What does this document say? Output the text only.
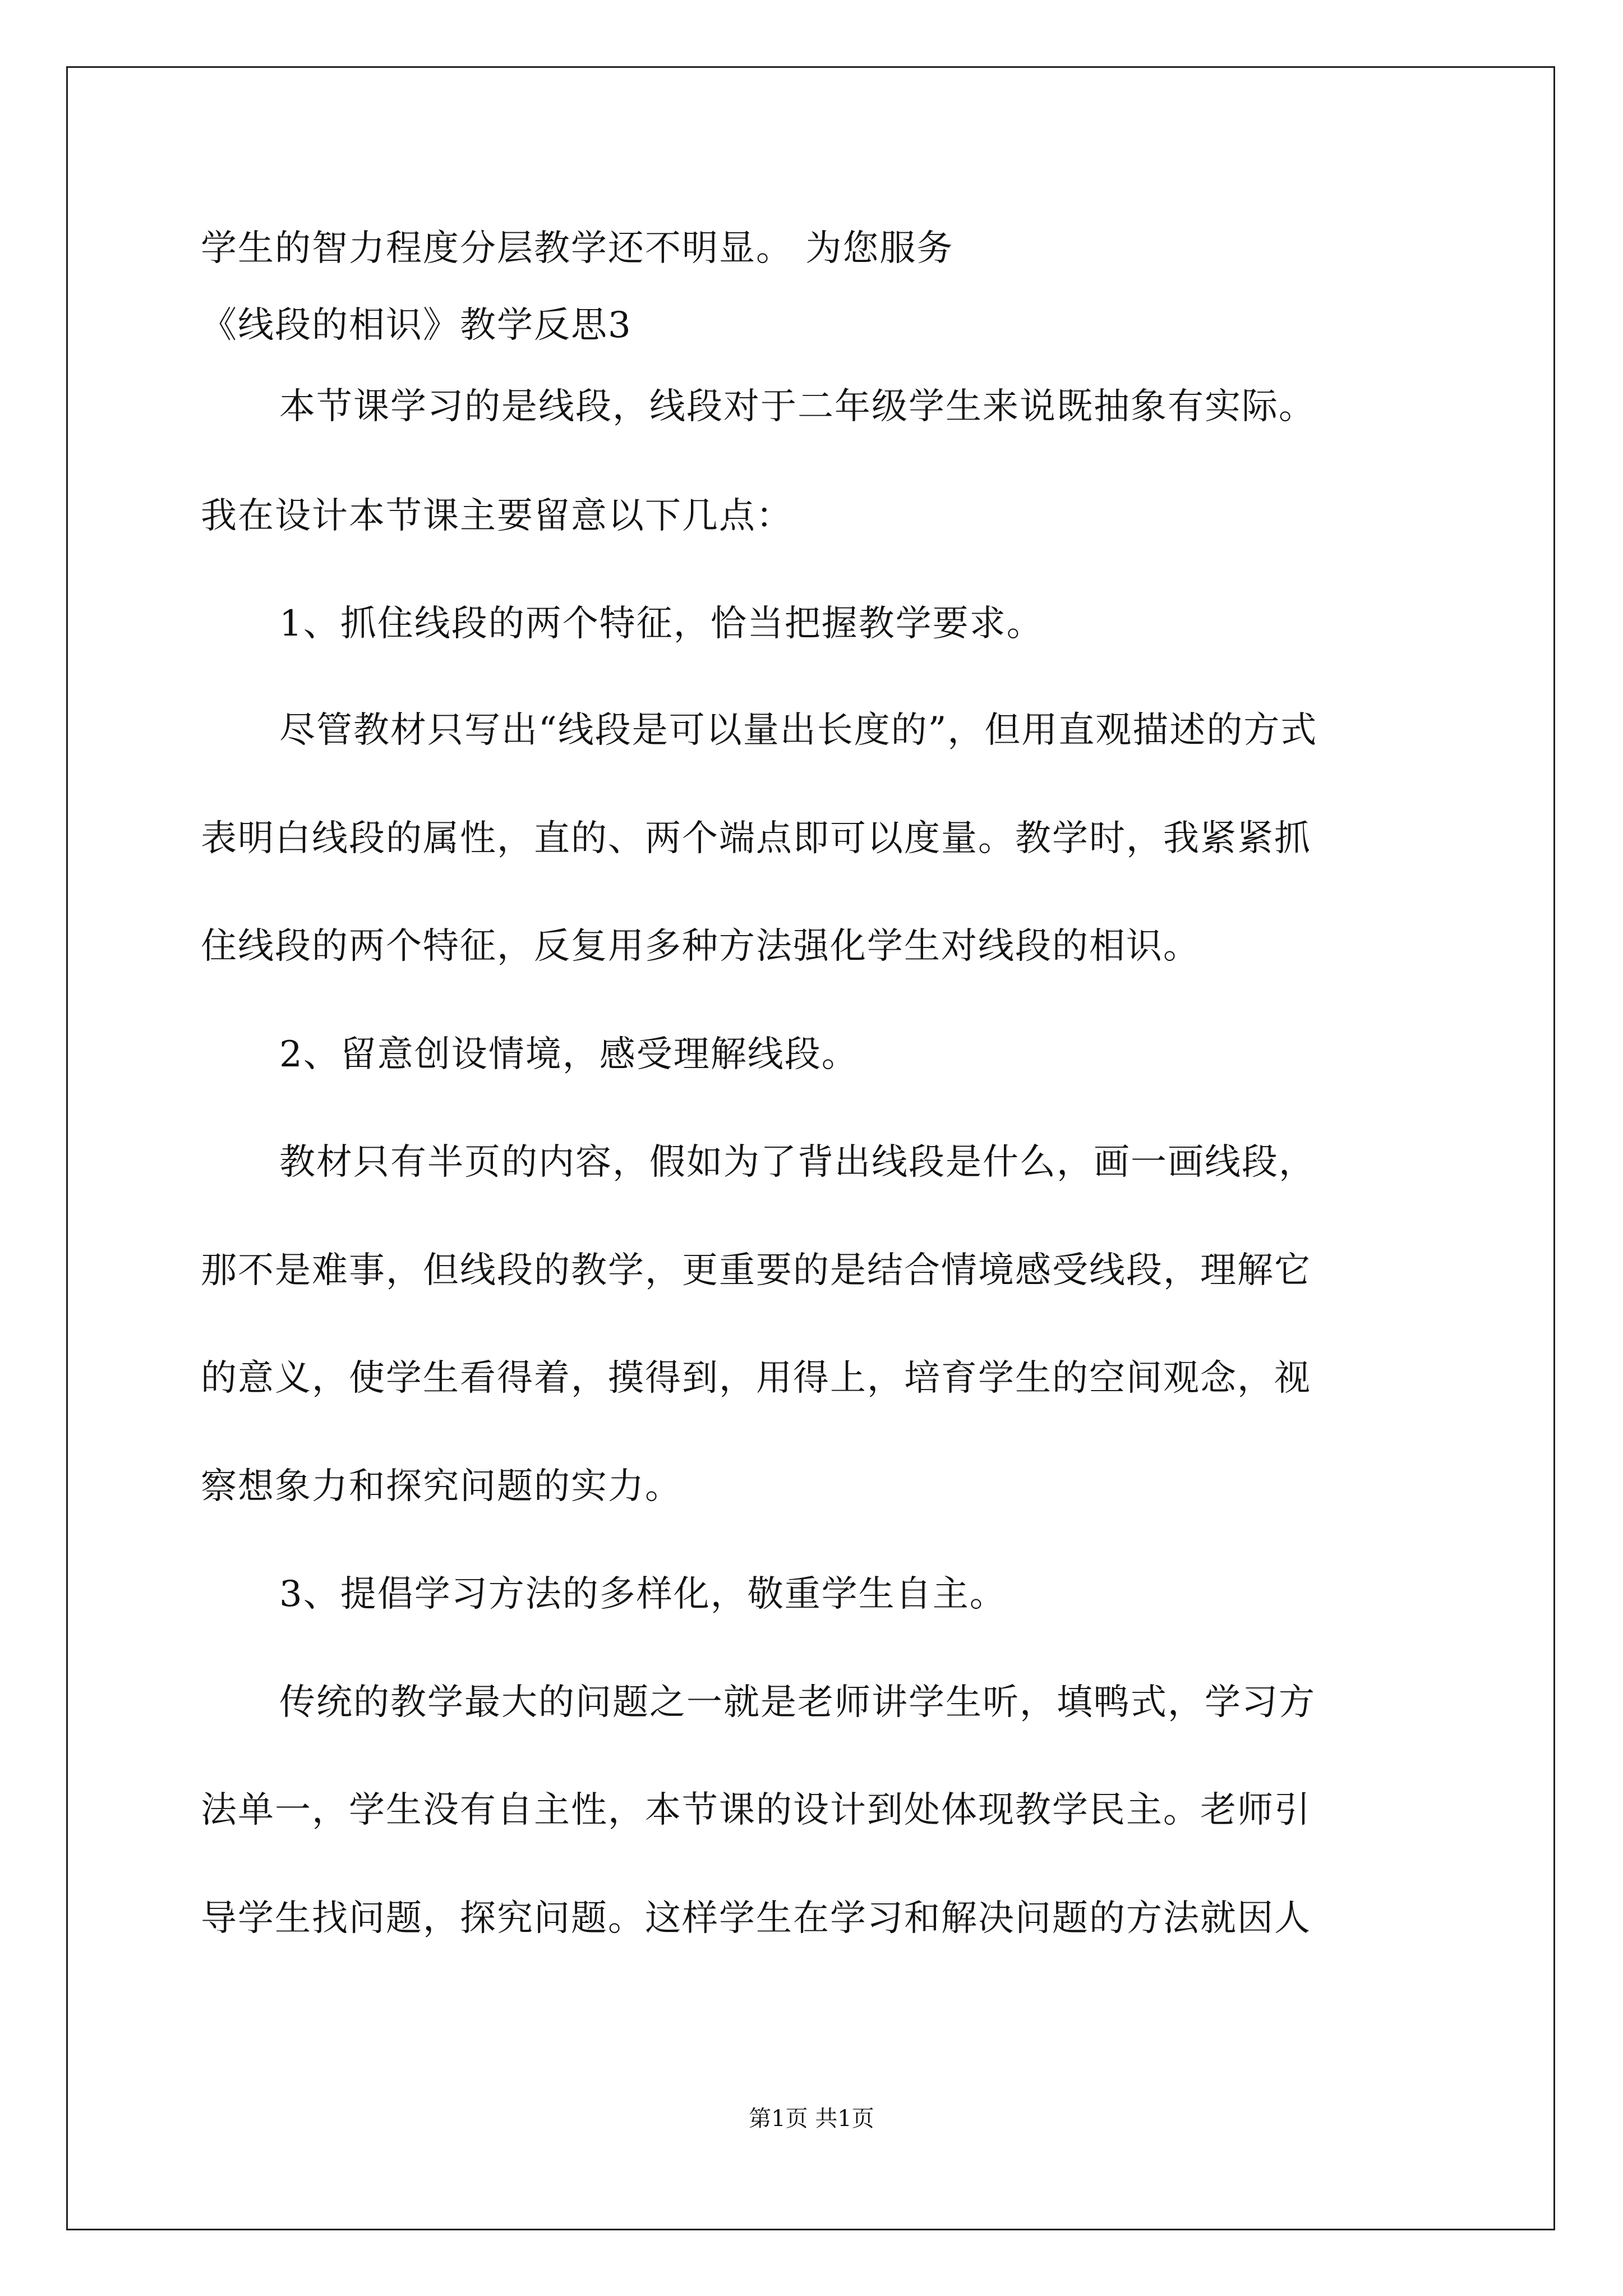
学生的智力程度分层教学还不明显。 为您服务
《线段的相识》教学反思3
本节课学习的是线段，线段对于二年级学生来说既抽象有实际。
我在设计本节课主要留意以下几点：
1、抓住线段的两个特征，恰当把握教学要求。
尽管教材只写出“线段是可以量出长度的”，但用直观描述的方式
表明白线段的属性，直的、两个端点即可以度量。教学时，我紧紧抓
住线段的两个特征，反复用多种方法强化学生对线段的相识。
2、留意创设情境，感受理解线段。
教材只有半页的内容，假如为了背出线段是什么，画一画线段，
那不是难事，但线段的教学，更重要的是结合情境感受线段，理解它
的意义，使学生看得着，摸得到，用得上，培育学生的空间观念，视
察想象力和探究问题的实力。
3、提倡学习方法的多样化，敬重学生自主。
传统的教学最大的问题之一就是老师讲学生听，填鸭式，学习方
法单一，学生没有自主性，本节课的设计到处体现教学民主。老师引
导学生找问题，探究问题。这样学生在学习和解决问题的方法就因人
第1页 共1页
